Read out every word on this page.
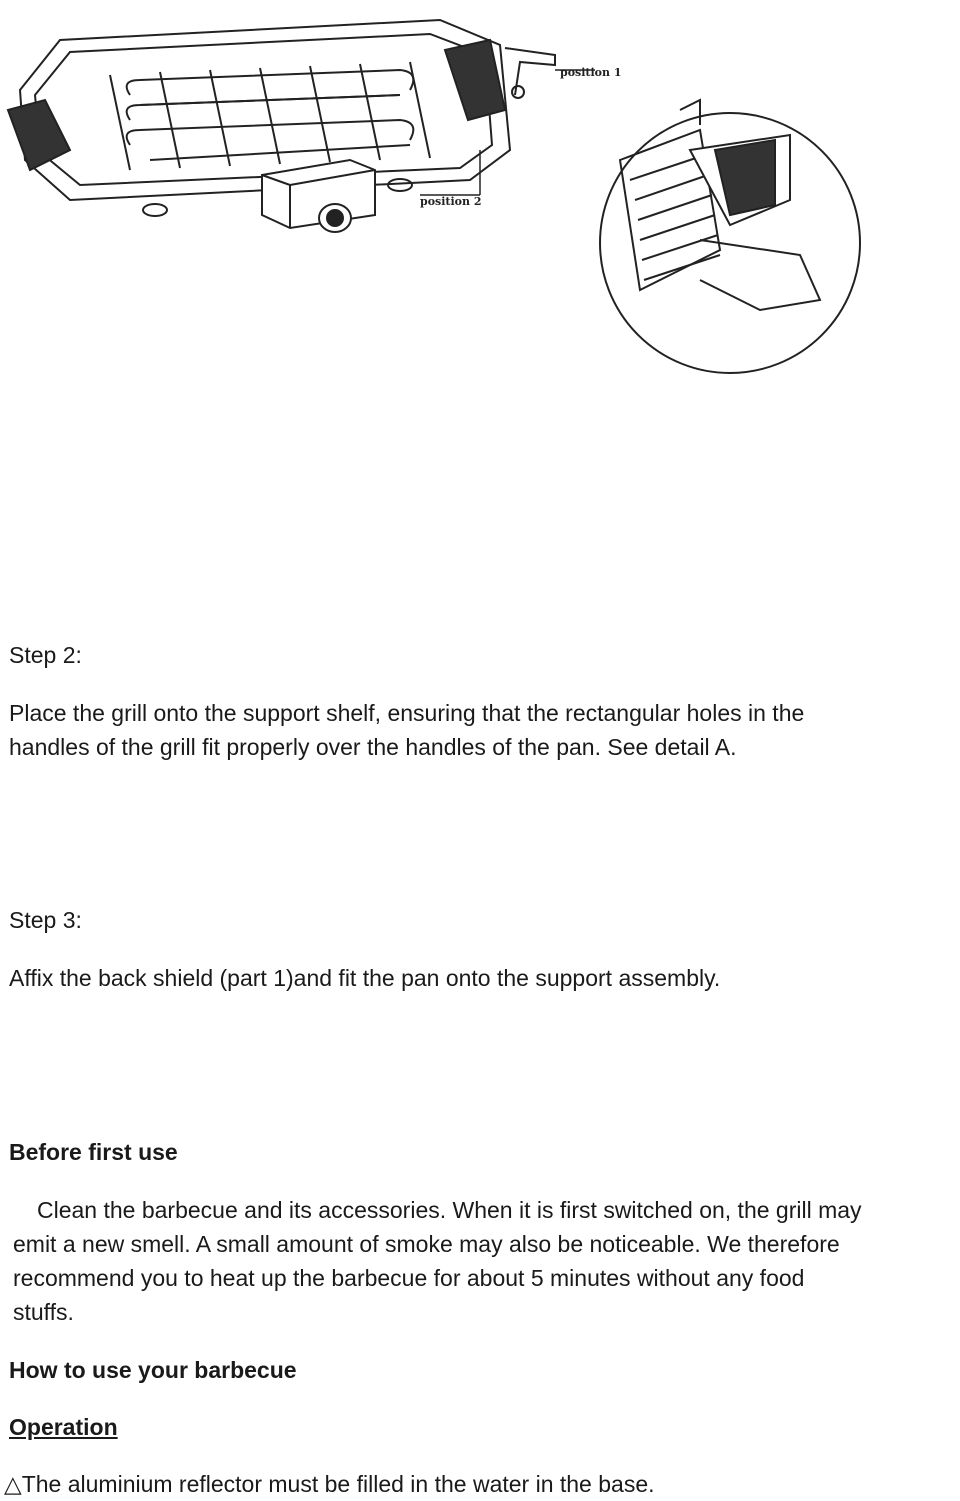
position 1
position 2
Step 2:
Place the grill onto the support shelf, ensuring that the rectangular holes in the
handles of the grill fit properly over the handles of the pan. See detail A.
Step 3:
Affix the back shield (part 1)and fit the pan onto the support assembly.
Before first use
Clean the barbecue and its accessories. When it is first switched on, the grill may
emit a new smell. A small amount of smoke may also be noticeable. We therefore
recommend you to heat up the barbecue for about 5 minutes without any food
stuffs.
How to use your barbecue
Operation
△The aluminium reflector must be filled in the water in the base.
